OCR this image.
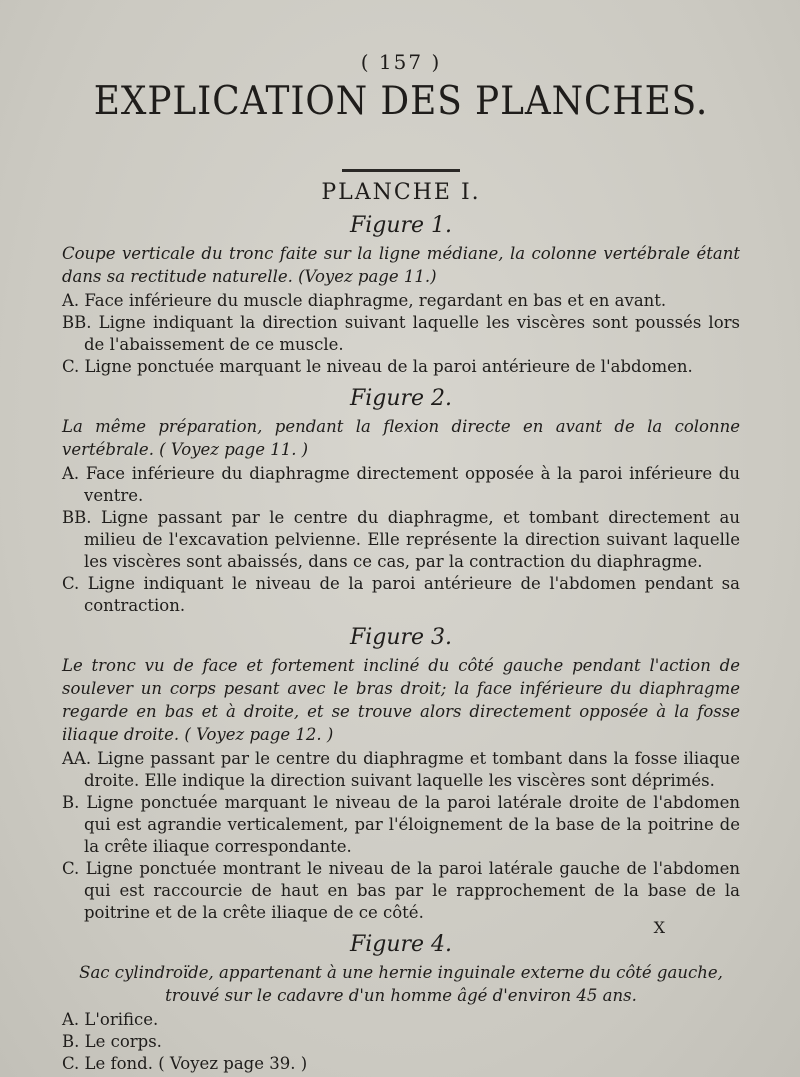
( 157 )
EXPLICATION DES PLANCHES.
PLANCHE I.
Figure 1.

Coupe verticale du tronc faite sur la ligne médiane, la colonne vertébrale étant dans sa rectitude naturelle. (Voyez page 11.)

A. Face inférieure du muscle diaphragme, regardant en bas et en avant.

BB. Ligne indiquant la direction suivant laquelle les viscères sont poussés lors de l'abaissement de ce muscle.

C. Ligne ponctuée marquant le niveau de la paroi antérieure de l'abdomen.

Figure 2.

La même préparation, pendant la flexion directe en avant de la colonne vertébrale. ( Voyez page 11. )

A. Face inférieure du diaphragme directement opposée à la paroi inférieure du ventre.

BB. Ligne passant par le centre du diaphragme, et tombant directement au milieu de l'excavation pelvienne. Elle représente la direction suivant laquelle les viscères sont abaissés, dans ce cas, par la contraction du diaphragme.

C. Ligne indiquant le niveau de la paroi antérieure de l'abdomen pendant sa contraction.

Figure 3.

Le tronc vu de face et fortement incliné du côté gauche pendant l'action de soulever un corps pesant avec le bras droit; la face inférieure du diaphragme regarde en bas et à droite, et se trouve alors directement opposée à la fosse iliaque droite. ( Voyez page 12. )

AA. Ligne passant par le centre du diaphragme et tombant dans la fosse iliaque droite. Elle indique la direction suivant laquelle les viscères sont déprimés.

B. Ligne ponctuée marquant le niveau de la paroi latérale droite de l'abdomen qui est agrandie verticalement, par l'éloignement de la base de la poitrine de la crête iliaque correspondante.

C. Ligne ponctuée montrant le niveau de la paroi latérale gauche de l'abdomen qui est raccourcie de haut en bas par le rapprochement de la base de la poitrine et de la crête iliaque de ce côté.

Figure 4.

Sac cylindroïde, appartenant à une hernie inguinale externe du côté gauche, trouvé sur le cadavre d'un homme âgé d'environ 45 ans.

A. L'orifice.

B. Le corps.

C. Le fond. ( Voyez page 39. )

X
